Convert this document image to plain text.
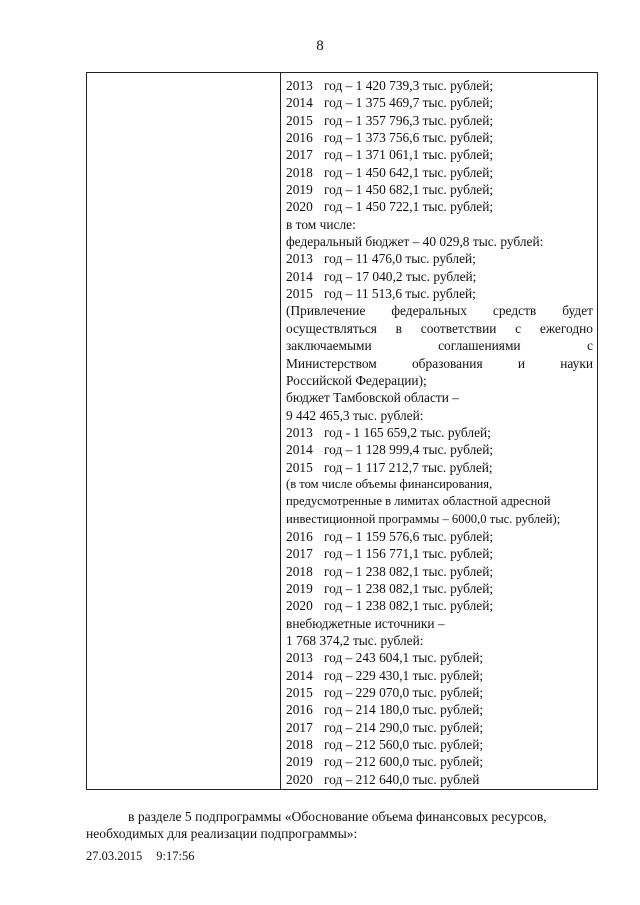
8
2013 год – 1 420 739,3 тыс. рублей;
2014 год – 1 375 469,7 тыс. рублей;
2015 год – 1 357 796,3 тыс. рублей;
2016 год – 1 373 756,6 тыс. рублей;
2017 год – 1 371 061,1 тыс. рублей;
2018 год – 1 450 642,1 тыс. рублей;
2019 год – 1 450 682,1 тыс. рублей;
2020 год – 1 450 722,1 тыс. рублей;
в том числе:
федеральный бюджет – 40 029,8 тыс. рублей:
2013 год – 11 476,0 тыс. рублей;
2014 год – 17 040,2 тыс. рублей;
2015 год – 11 513,6 тыс. рублей;
(Привлечение федеральных средств будет
осуществляться в соответствии с ежегодно
заключаемыми соглашениями с
Министерством образования и науки
Российской Федерации);
бюджет Тамбовской области –
9 442 465,3 тыс. рублей:
2013 год - 1 165 659,2 тыс. рублей;
2014 год – 1 128 999,4 тыс. рублей;
2015 год – 1 117 212,7 тыс. рублей;
(в том числе объемы финансирования,
предусмотренные в лимитах областной адресной
инвестиционной программы – 6000,0 тыс. рублей);
2016 год – 1 159 576,6 тыс. рублей;
2017 год – 1 156 771,1 тыс. рублей;
2018 год – 1 238 082,1 тыс. рублей;
2019 год – 1 238 082,1 тыс. рублей;
2020 год – 1 238 082,1 тыс. рублей;
внебюджетные источники –
1 768 374,2 тыс. рублей:
2013 год – 243 604,1 тыс. рублей;
2014 год – 229 430,1 тыс. рублей;
2015 год – 229 070,0 тыс. рублей;
2016 год – 214 180,0 тыс. рублей;
2017 год – 214 290,0 тыс. рублей;
2018 год – 212 560,0 тыс. рублей;
2019 год – 212 600,0 тыс. рублей;
2020 год – 212 640,0 тыс. рублей
в разделе 5 подпрограммы «Обоснование объема финансовых ресурсов,
необходимых для реализации подпрограммы»:
27.03.2015 9:17:56
